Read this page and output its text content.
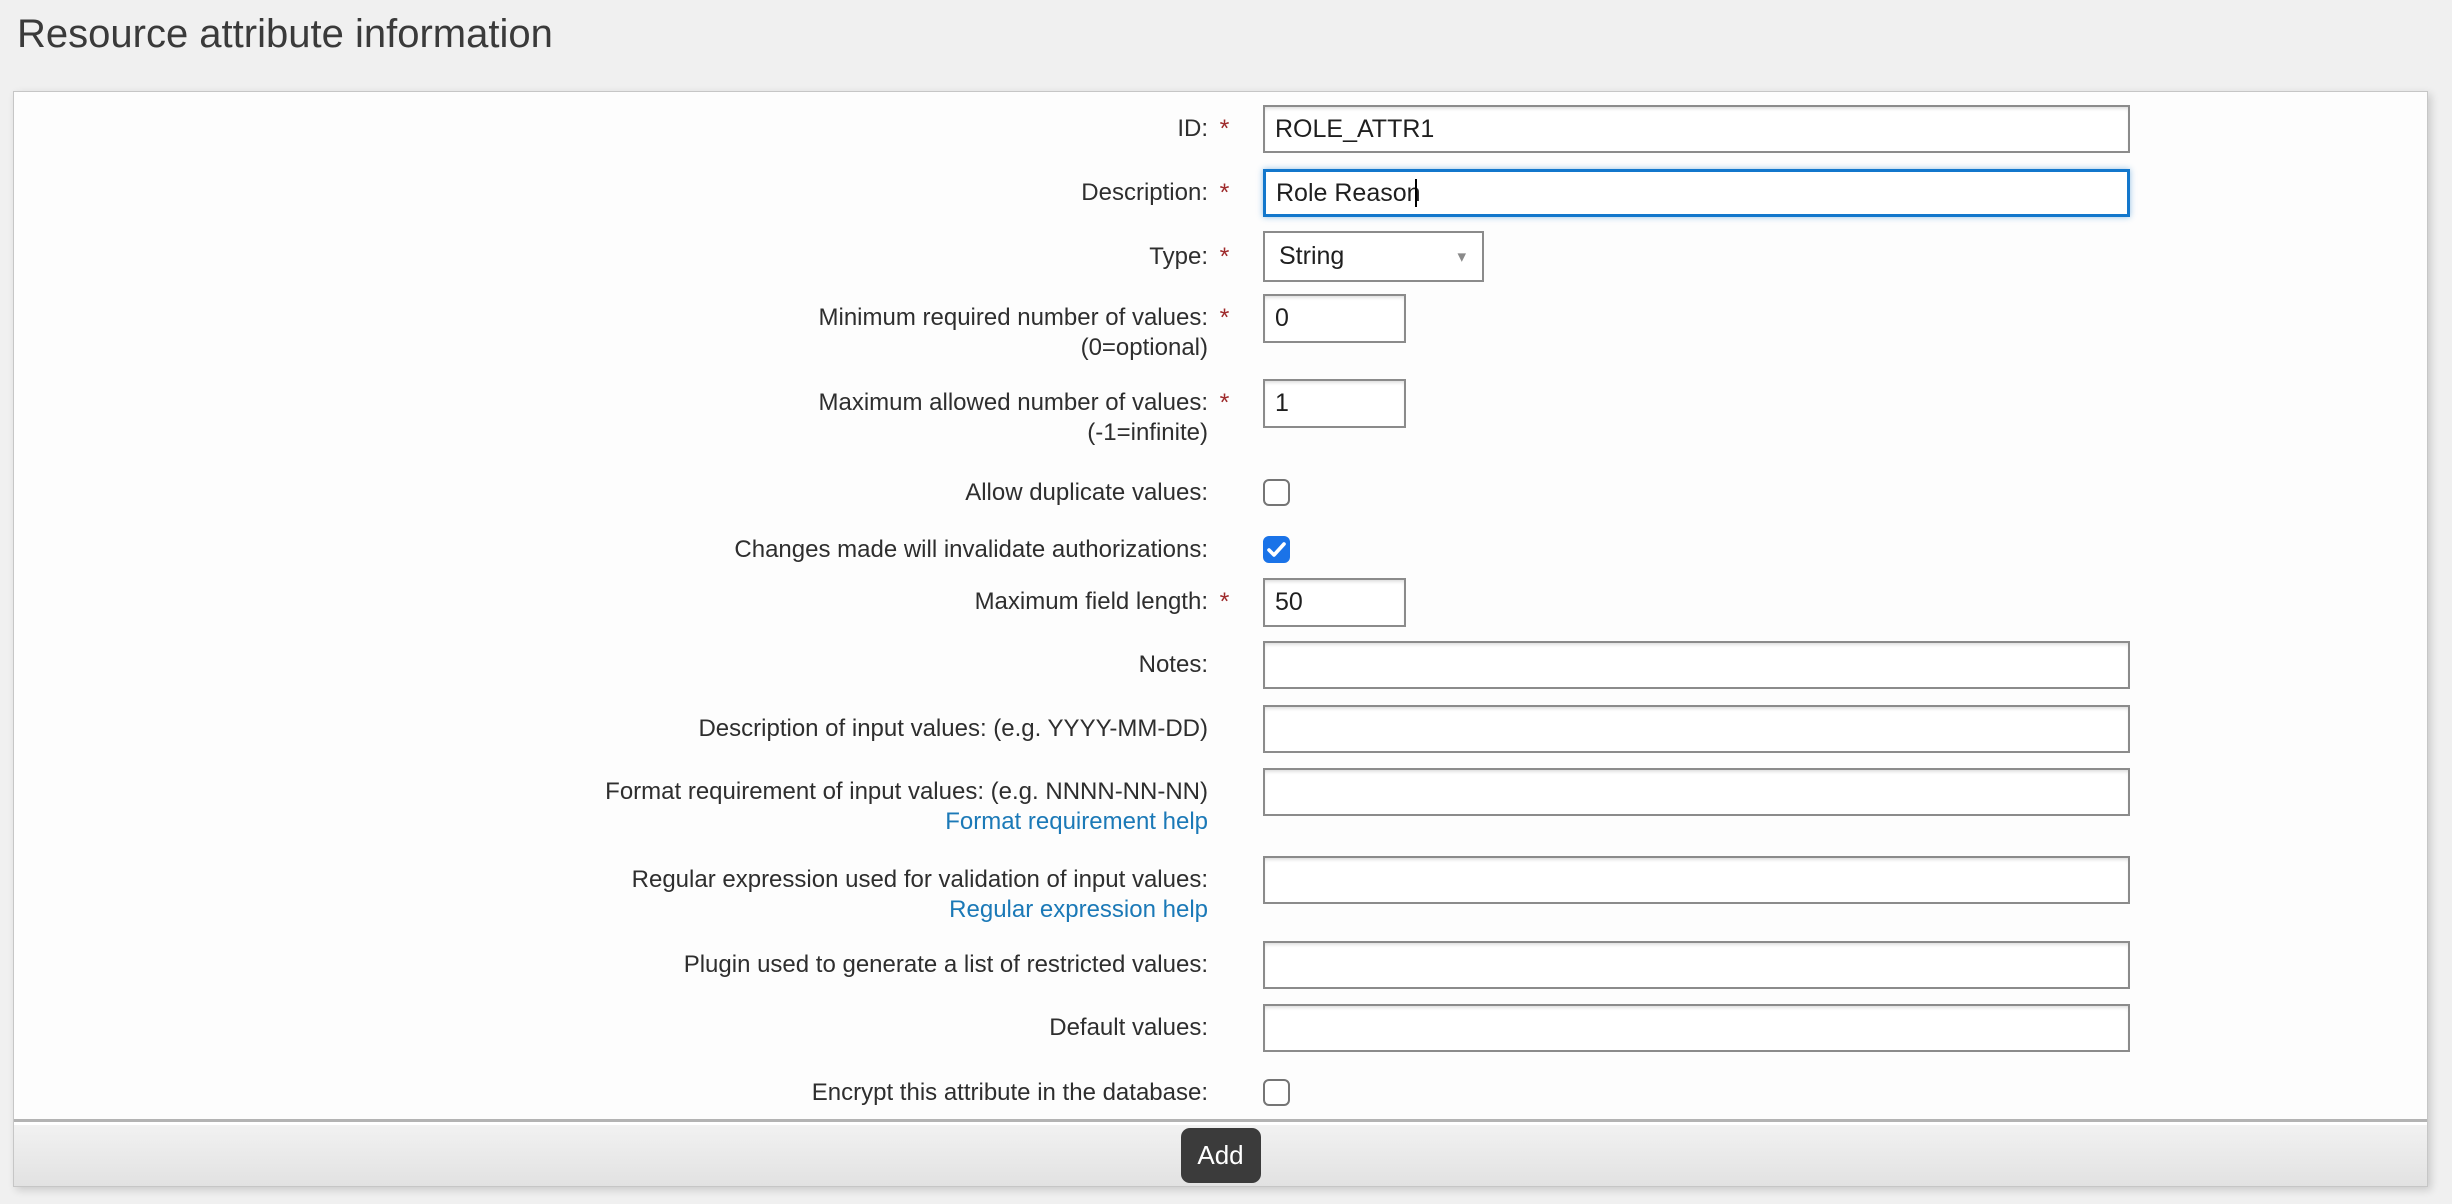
Resource attribute information
ID: *
ROLE_ATTR1
Description: *
Role Reason
Type: *	String	▾
Minimum required number of values: *
(0=optional)
0
Maximum allowed number of values: *
(-1=infinite)
1
Allow duplicate values:
Changes made will invalidate authorizations:
Maximum field length: *
50
Notes:
Description of input values: (e.g. YYYY-MM-DD)
Format requirement of input values: (e.g. NNNN-NN-NN)
Format requirement help
Regular expression used for validation of input values:
Regular expression help
Plugin used to generate a list of restricted values:
Default values:
Encrypt this attribute in the database:
Add
